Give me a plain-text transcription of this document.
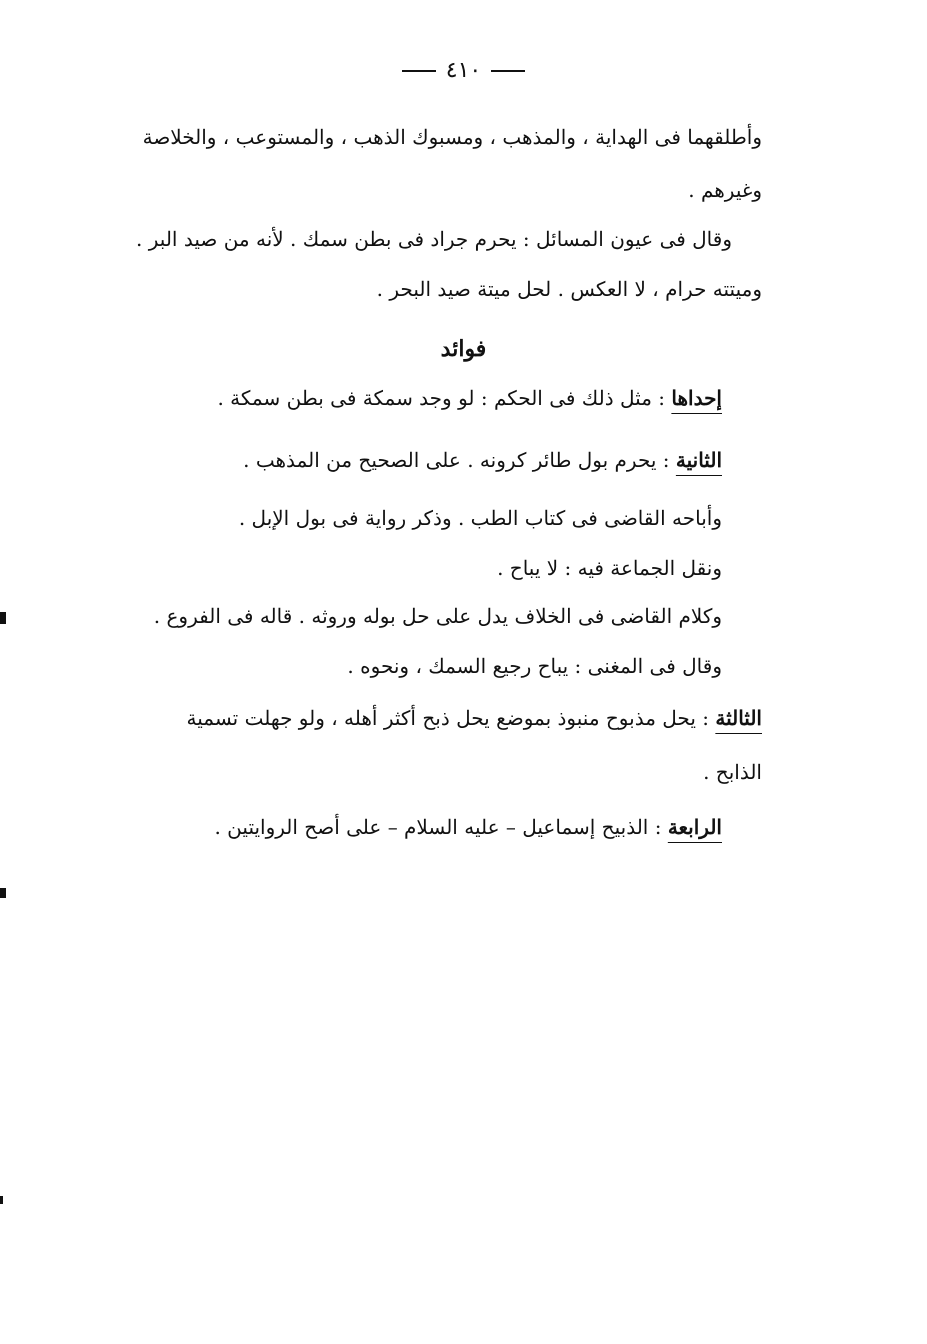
٤١٠
وأطلقهما فى الهداية ، والمذهب ، ومسبوك الذهب ، والمستوعب ، والخلاصة
وغيرهم .
وقال فى عيون المسائل : يحرم جراد فى بطن سمك . لأنه من صيد البر .
وميتته حرام ، لا العكس . لحل ميتة صيد البحر .
فوائد
إحداها : مثل ذلك فى الحكم : لو وجد سمكة فى بطن سمكة .
الثانية : يحرم بول طائر كرونه . على الصحيح من المذهب .
وأباحه القاضى فى كتاب الطب . وذكر رواية فى بول الإبل .
ونقل الجماعة فيه : لا يباح .
وكلام القاضى فى الخلاف يدل على حل بوله وروثه . قاله فى الفروع .
وقال فى المغنى : يباح رجيع السمك ، ونحوه .
الثالثة : يحل مذبوح منبوذ بموضع يحل ذبح أكثر أهله ، ولو جهلت تسمية
الذابح .
الرابعة : الذبيح إسماعيل – عليه السلام – على أصح الروايتين .
